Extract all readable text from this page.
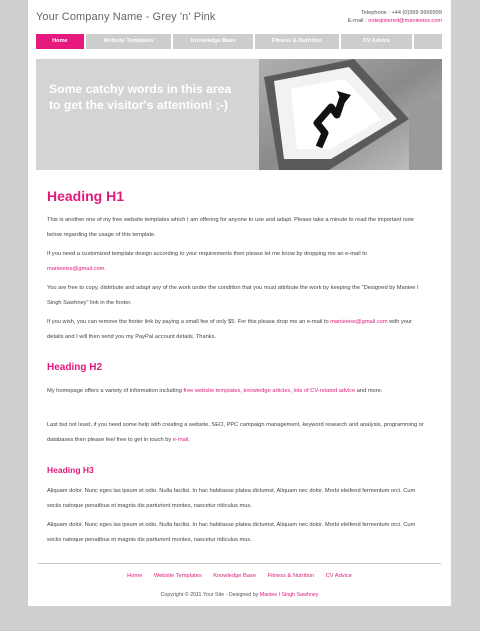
Your Company Name - Grey 'n' Pink	Telephone : +44 (0)999 9999999
E-mail : noteqistered@manieeiss.com
Home	Website Templates	Knowledge Base	Fitness & Nutrition	CV Advice
Some catchy words in this area to get the visitor's attention! ;-)
Heading H1
This is another one of my free website templates which I am offering for anyone to use and adapt. Please take a minute to read the important note below regarding the usage of this template.
If you need a customized template design according to your requirements then please let me know by dropping me an e-mail to manieeiss@gmail.com.
You are free to copy, distribute and adapt any of the work under the condition that you must attribute the work by keeping the "Designed by Maniee I Singh Sawhney" link in the footer.
If you wish, you can remove the footer link by paying a small fee of only $5. For this please drop me an e-mail to manieeiss@gmail.com with your details and I will then send you my PayPal account details. Thanks.
Heading H2
My homepage offers a variety of information including free website templates, knowledge articles, lots of CV-related advice and more.
Last but not least, if you need some help with creating a website, SEO, PPC campaign management, keyword research and analysis, programming or databases then please feel free to get in touch by e-mail.
Heading H3
Aliquam dolor. Nunc eges las ipsum et odio. Nulla facilisi. In hac habitasse platea dictumst. Aliquam nec dolor. Morbi eleifend fermentum orci. Cum sociis natoque penatibus et magnis dis parturient montes, nascetur ridiculus mus.
Aliquam dolor. Nunc eges las ipsum et odio. Nulla facilisi. In hac habitasse platea dictumst. Aliquam nec dolor. Morbi eleifend fermentum orci. Cum sociis natoque penatibus et magnis dis parturient montes, nascetur ridiculus mus.
Home Website Templates Knowledge Base Fitness & Nutrition CV Advice
Copyright © 2011 Your Site - Designed by Maniee I Singh Sawhney
